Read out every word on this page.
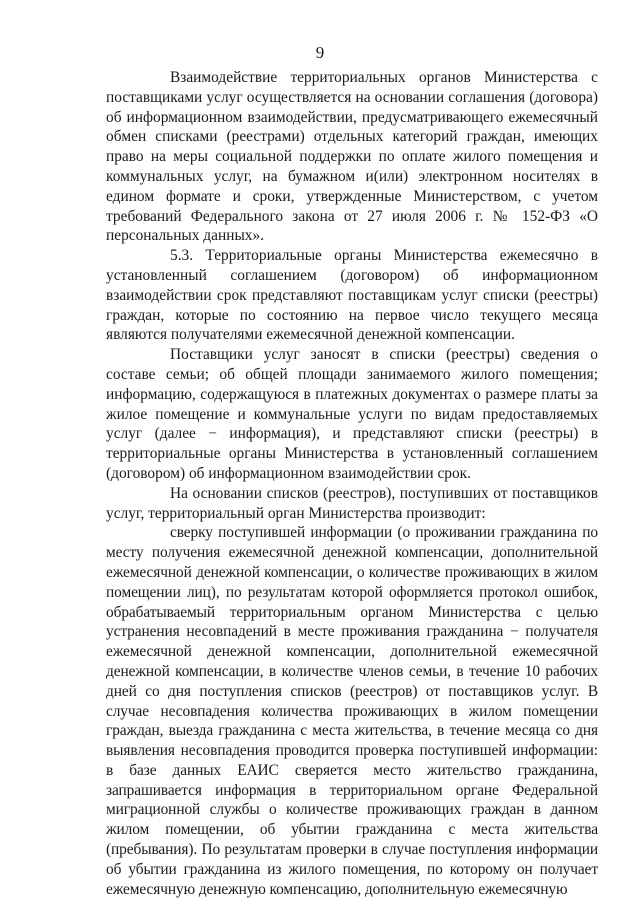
9

Взаимодействие территориальных органов Министерства с поставщиками услуг осуществляется на основании соглашения (договора) об информационном взаимодействии, предусматривающего ежемесячный обмен списками (реестрами) отдельных категорий граждан, имеющих право на меры социальной поддержки по оплате жилого помещения и коммунальных услуг, на бумажном и(или) электронном носителях в едином формате и сроки, утвержденные Министерством, с учетом требований Федерального закона от 27 июля 2006 г. № 152-ФЗ «О персональных данных».

5.3. Территориальные органы Министерства ежемесячно в установленный соглашением (договором) об информационном взаимодействии срок представляют поставщикам услуг списки (реестры) граждан, которые по состоянию на первое число текущего месяца являются получателями ежемесячной денежной компенсации.

Поставщики услуг заносят в списки (реестры) сведения о составе семьи; об общей площади занимаемого жилого помещения; информацию, содержащуюся в платежных документах о размере платы за жилое помещение и коммунальные услуги по видам предоставляемых услуг (далее − информация), и представляют списки (реестры) в территориальные органы Министерства в установленный соглашением (договором) об информационном взаимодействии срок.

На основании списков (реестров), поступивших от поставщиков услуг, территориальный орган Министерства производит:

сверку поступившей информации (о проживании гражданина по месту получения ежемесячной денежной компенсации, дополнительной ежемесячной денежной компенсации, о количестве проживающих в жилом помещении лиц), по результатам которой оформляется протокол ошибок, обрабатываемый территориальным органом Министерства с целью устранения несовпадений в месте проживания гражданина − получателя ежемесячной денежной компенсации, дополнительной ежемесячной денежной компенсации, в количестве членов семьи, в течение 10 рабочих дней со дня поступления списков (реестров) от поставщиков услуг. В случае несовпадения количества проживающих в жилом помещении граждан, выезда гражданина с места жительства, в течение месяца со дня выявления несовпадения проводится проверка поступившей информации: в базе данных ЕАИС сверяется место жительство гражданина, запрашивается информация в территориальном органе Федеральной миграционной службы о количестве проживающих граждан в данном жилом помещении, об убытии гражданина с места жительства (пребывания). По результатам проверки в случае поступления информации об убытии гражданина из жилого помещения, по которому он получает ежемесячную денежную компенсацию, дополнительную ежемесячную
